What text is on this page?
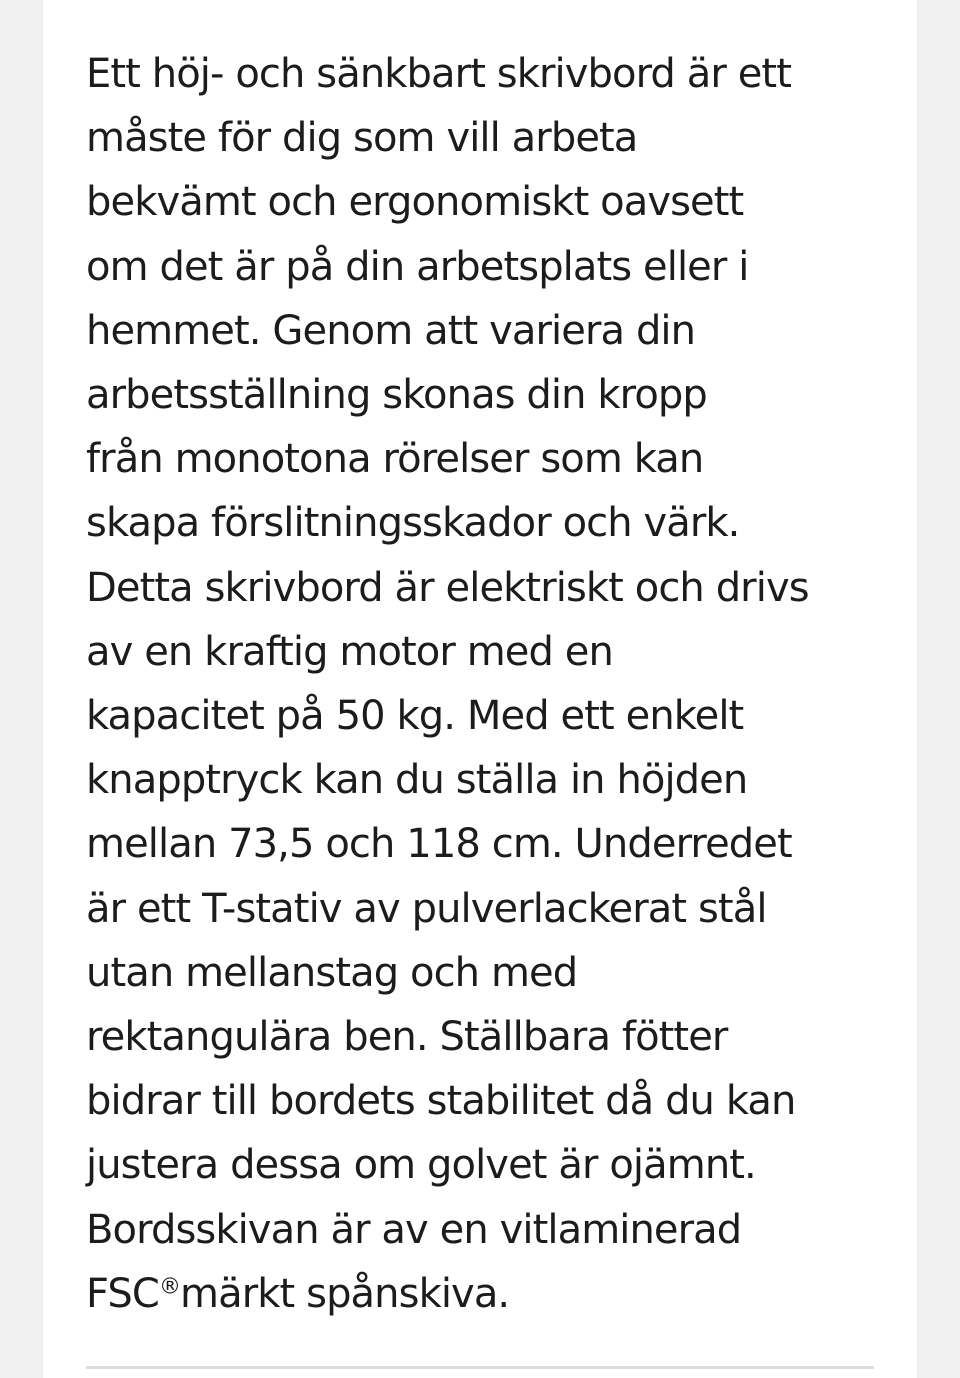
Ett höj- och sänkbart skrivbord är ett
måste för dig som vill arbeta
bekvämt och ergonomiskt oavsett
om det är på din arbetsplats eller i
hemmet. Genom att variera din
arbetsställning skonas din kropp
från monotona rörelser som kan
skapa förslitningsskador och värk.
Detta skrivbord är elektriskt och drivs
av en kraftig motor med en
kapacitet på 50 kg. Med ett enkelt
knapptryck kan du ställa in höjden
mellan 73,5 och 118 cm. Underredet
är ett T-stativ av pulverlackerat stål
utan mellanstag och med
rektangulära ben. Ställbara fötter
bidrar till bordets stabilitet då du kan
justera dessa om golvet är ojämnt.
Bordsskivan är av en vitlaminerad
FSC®märkt spånskiva.
